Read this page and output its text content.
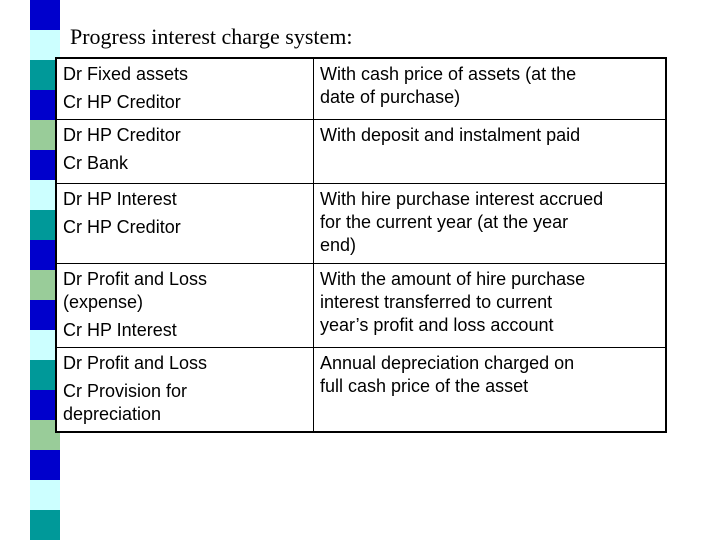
Progress interest charge system:
Dr Fixed assets
Cr HP Creditor	With cash price of assets (at the
date of purchase)

Dr HP Creditor
Cr Bank	With deposit and instalment paid

Dr HP Interest
Cr HP Creditor	With hire purchase interest accrued
for the current year (at the year
end)

Dr Profit and Loss
(expense)
Cr HP Interest	With the amount of hire purchase
interest transferred to current
year’s profit and loss account

Dr Profit and Loss
Cr Provision for
depreciation	Annual depreciation charged on
full cash price of the asset
